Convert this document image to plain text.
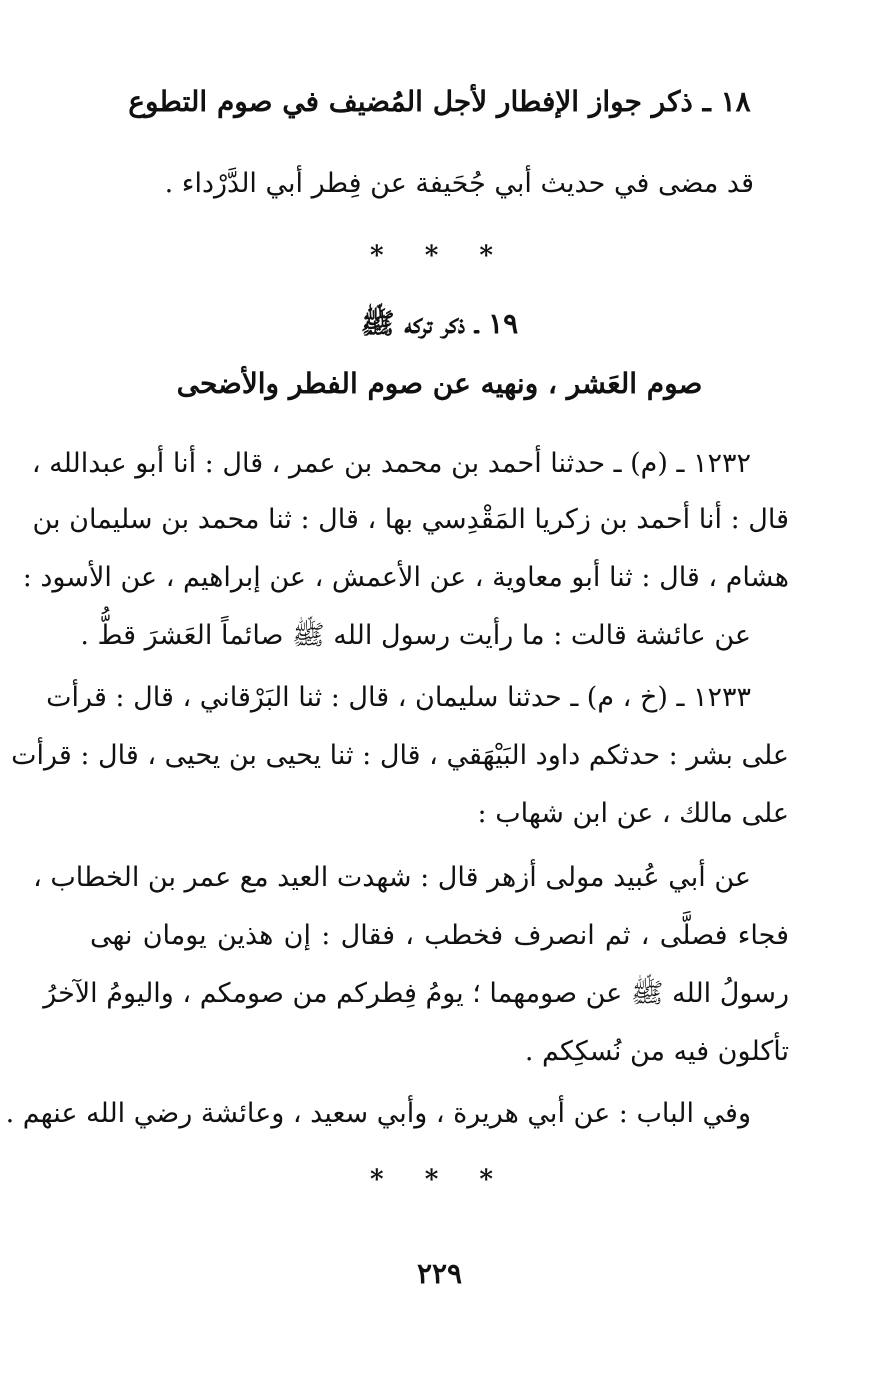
١٨ ـ ذكر جواز الإفطار لأجل المُضيف في صوم التطوع
قد مضى في حديث أبي جُحَيفة عن فِطر أبي الدَّرْداء .
* * *
١٩ ـ ذكر تركه ﷺ
صوم العَشر ، ونهيه عن صوم الفطر والأضحى
١٢٣٢ ـ (م) ـ حدثنا أحمد بن محمد بن عمر ، قال : أنا أبو عبدالله ،
قال : أنا أحمد بن زكريا المَقْدِسي بها ، قال : ثنا محمد بن سليمان بن
هشام ، قال : ثنا أبو معاوية ، عن الأعمش ، عن إبراهيم ، عن الأسود :
عن عائشة قالت : ما رأيت رسول الله ﷺ صائماً العَشرَ قطُّ .
١٢٣٣ ـ (خ ، م) ـ حدثنا سليمان ، قال : ثنا البَرْقاني ، قال : قرأت
على بشر : حدثكم داود البَيْهَقي ، قال : ثنا يحيى بن يحيى ، قال : قرأت
على مالك ، عن ابن شهاب :
عن أبي عُبيد مولى أزهر قال : شهدت العيد مع عمر بن الخطاب ،
فجاء فصلَّى ، ثم انصرف فخطب ، فقال : إن هذين يومان نهى
رسولُ الله ﷺ عن صومهما ؛ يومُ فِطركم من صومكم ، واليومُ الآخرُ
تأكلون فيه من نُسكِكم .
وفي الباب : عن أبي هريرة ، وأبي سعيد ، وعائشة رضي الله عنهم .
* * *
٢٢٩
